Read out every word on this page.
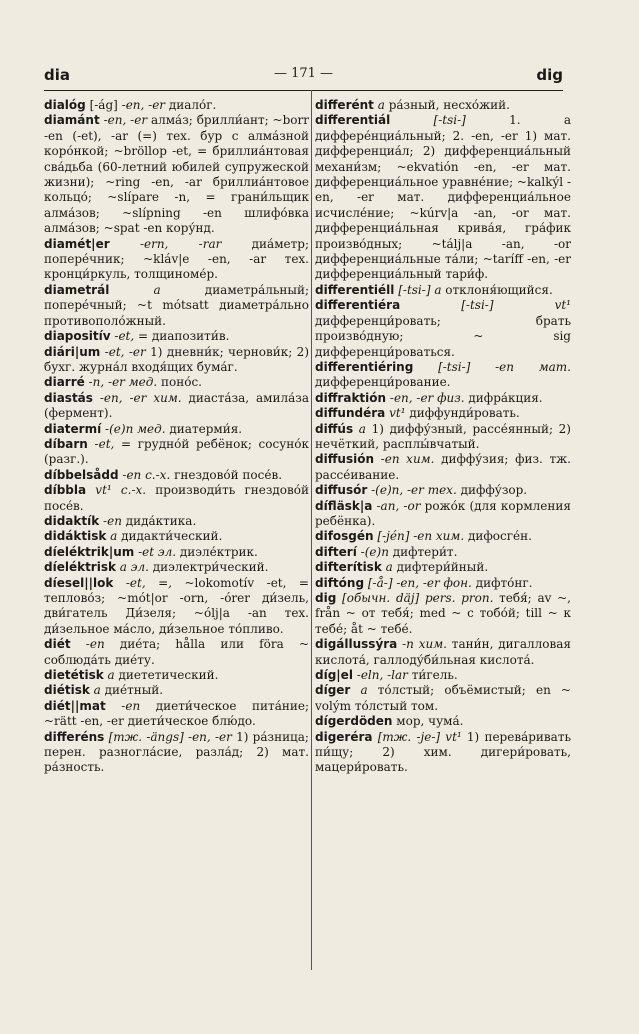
dia	— 171 —	dig

dialóg [-ág] -en, -er диало́г.

diamánt -en, -er алма́з; брилли́ант; ~borr -en (-et), -ar (=) тех. бур с алма́зной коро́нкой; ~bröllop -et, = бриллиа́нтовая сва́дьба (60-летний юбилей супружеской жизни); ~ring -en, -ar бриллиа́нтовое кольцо́; ~slípare -n, = грани́льщик алма́зов; ~slípning -en шлифо́вка алма́зов; ~spat -en кору́нд.

diamét|er	-ern, -rar диа́метр; попере́чник; ~kláv|e -en, -ar тех. кронци́ркуль, толщиноме́р.

diametrál	a диаметра́льный; попере́чный; ~t mótsatt диаметра́льно противополо́жный.

diapositív -et, = диапозити́в.

diári|um -et, -er 1) дневни́к; чернови́к; 2) бухг. журна́л входя́щих бума́г.

diarré -n, -er мед. поно́с.

diastás -en, -er хим. диаста́за, амила́за (фермент).

diatermí -(e)n мед. диатерми́я.

díbarn -et, = грудно́й ребёнок; сосуно́к (разг.).

díbbelsådd -en с.-х. гнездово́й посе́в.

díbbla vt¹ с.-х. производи́ть гнездово́й посе́в.

didaktík -en дида́ктика.

didáktisk a дидакти́ческий.

díeléktrik|um -et эл. диэле́ктрик.

díeléktrisk a эл. диэлектри́ческий.

díesel||lok -et, =, ~lokomotív -et, = теплово́з; ~mót|or -orn, -órer ди́зель, дви́гатель Ди́зеля; ~ólj|a -an тех. ди́зельное ма́сло, ди́зельное то́пливо.

diét -en дие́та; hålla или föra ~ соблюда́ть дие́ту.

dietétisk a диететический.

diétisk a дие́тный.

diét||mat -en диети́ческое пита́ние; ~rätt -en, -er диети́ческое блю́до.

differéns [тж. -ängs] -en, -er 1) ра́зница; перен. разногла́сие, разла́д; 2) мат. ра́зность.

differént a ра́зный, несхо́жий.

differentiál	[-tsi-] 1. a диффере́нциа́льный; 2. -en, -er 1) мат. дифференциа́л; 2) дифференциа́льный механи́зм; ~ekvatión -en, -er мат. дифференциа́льное уравне́ние; ~kalkýl -en, -er мат. дифференциа́льное исчисле́ние; ~kúrv|a -an, -or мат. дифференциа́льная крива́я, гра́фик произво́дных; ~tálj|a -an, -or дифференциа́льные та́ли; ~taríff -en, -er дифференциа́льный тари́ф.

differentiéll [-tsi-] a отклоня́ющийся.

differentiéra	[-tsi-] vt¹ дифференци́ровать; брать произво́дную; ~ sig дифференци́роваться.

differentiéring [-tsi-] -en мат. дифференци́рование.

diffraktión -en, -er физ. дифра́кция.

diffundéra vt¹ диффунди́ровать.

diffús a 1) диффу́зный, рассе́янный; 2) нечёткий, расплы́вчатый.

diffusión -en хим. диффу́зия; физ. тж. рассе́ивание.

diffusór -(e)n, -er тех. диффу́зор.

dífläsk|a -an, -or рожо́к (для кормления ребёнка).

difosgén [-jén] -en хим. дифосге́н.

difterí -(e)n дифтери́т.

difterítisk a дифтери́йный.

diftóng [-å-] -en, -er фон. дифто́нг.

dig [обычн. däj] pers. pron. тебя́; av ~, från ~ от тебя́; med ~ с тобо́й; till ~ к тебе́; åt ~ тебе́.

digállussýra -n хим. тани́н, дигалловая кислота́, галлоду́би́льная кислота́.

díg|el -eln, -lar ти́гель.

díger a то́лстый; объёмистый; en ~ volým то́лстый том.

dígerdöden мор, чума́.

digeréra [тж. -je-] vt¹ 1) перева́ривать пи́щу; 2) хим. дигери́ровать, мацери́ровать.
